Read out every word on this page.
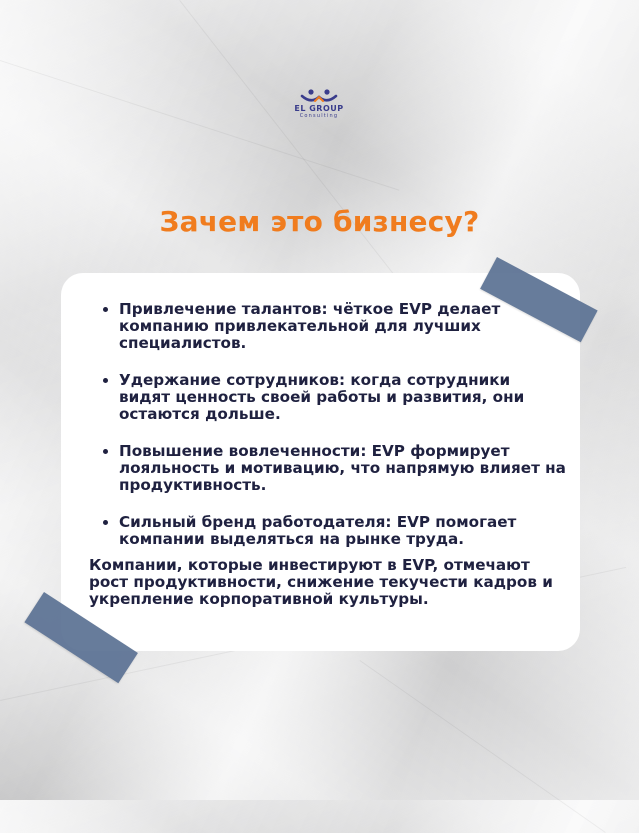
EL GROUP
Consulting
Зачем это бизнесу?
Привлечение талантов: чёткое EVP делает компанию привлекательной для лучших специалистов.
Удержание сотрудников: когда сотрудники видят ценность своей работы и развития, они остаются дольше.
Повышение вовлеченности: EVP формирует лояльность и мотивацию, что напрямую влияет на продуктивность.
Сильный бренд работодателя: EVP помогает компании выделяться на рынке труда.

Компании, которые инвестируют в EVP, отмечают рост продуктивности, снижение текучести кадров и укрепление корпоративной культуры.
